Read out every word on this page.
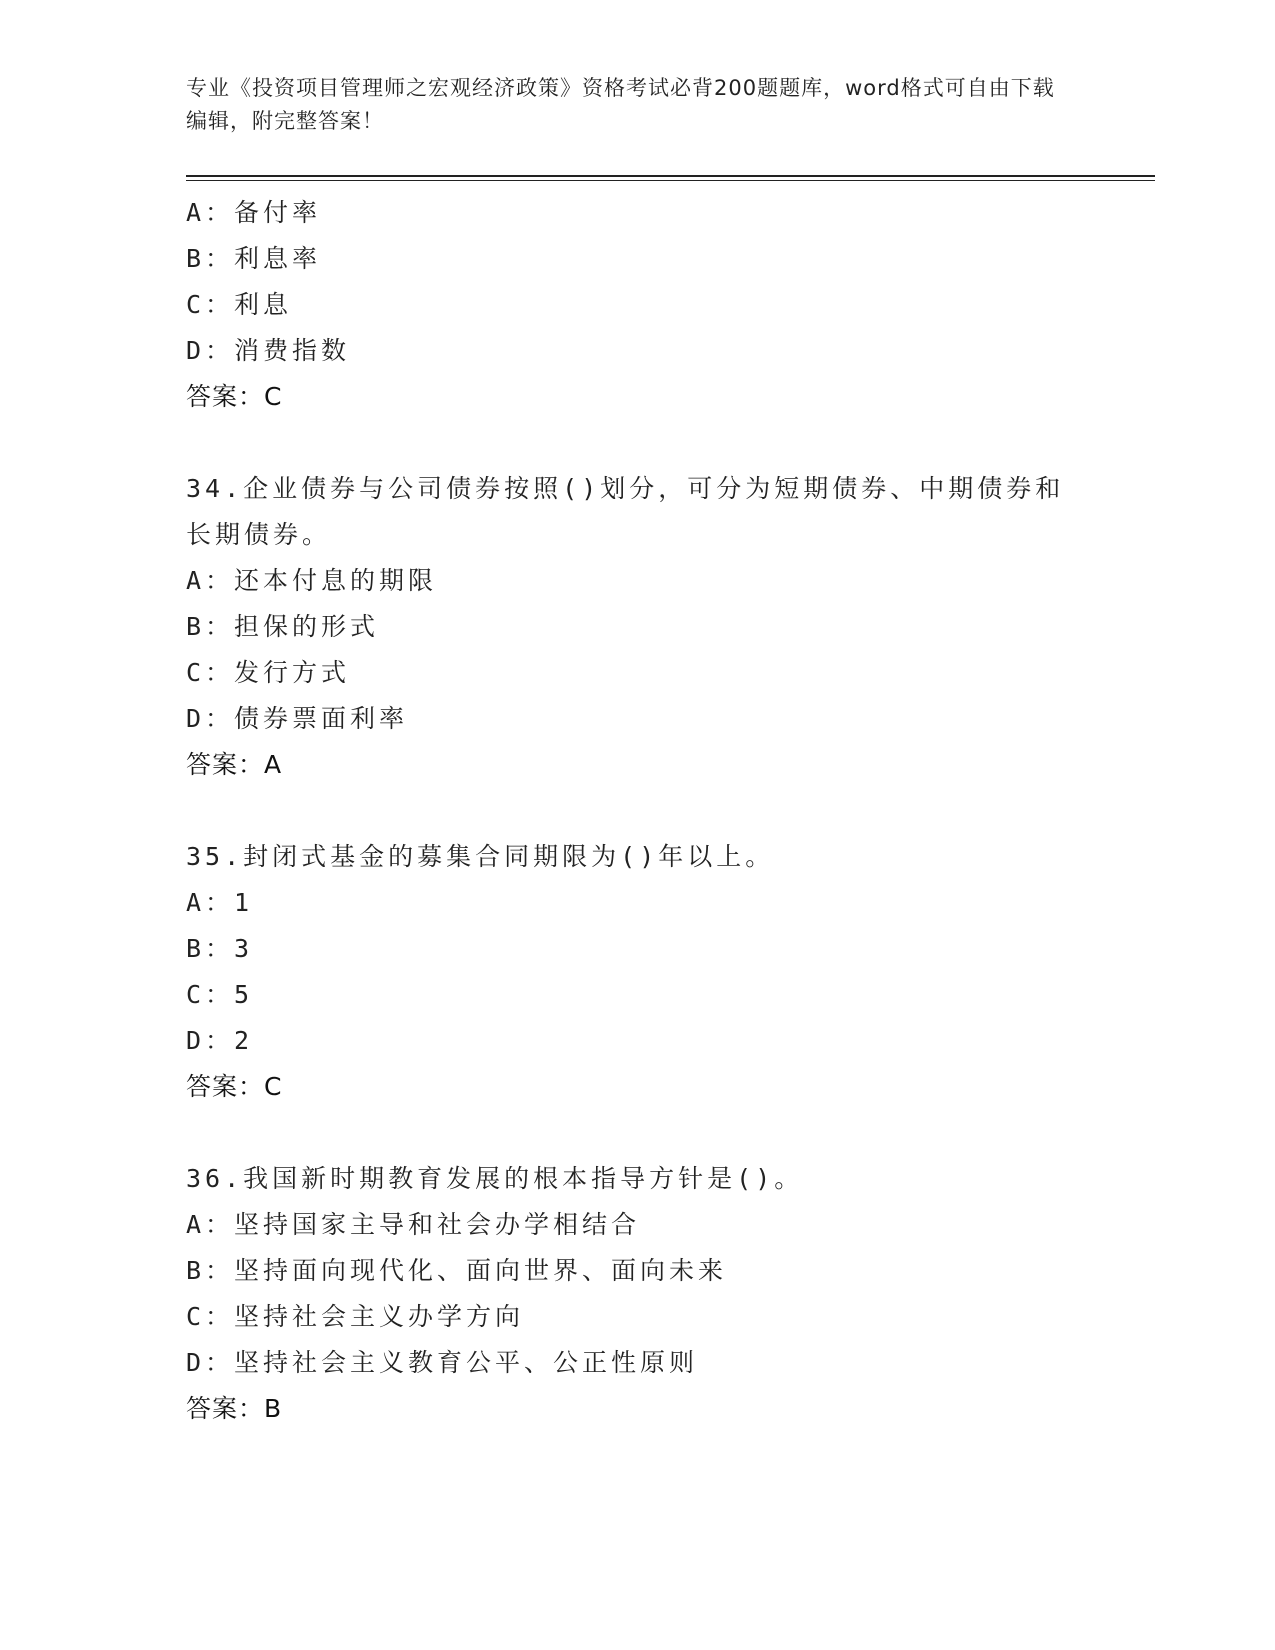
专业《投资项目管理师之宏观经济政策》资格考试必背200题题库，word格式可自由下载编辑，附完整答案！
A：备付率
B：利息率
C：利息
D：消费指数
答案：C
34.企业债券与公司债券按照()划分，可分为短期债券、中期债券和长期债券。
A：还本付息的期限
B：担保的形式
C：发行方式
D：债券票面利率
答案：A
35.封闭式基金的募集合同期限为()年以上。
A：1
B：3
C：5
D：2
答案：C
36.我国新时期教育发展的根本指导方针是()。
A：坚持国家主导和社会办学相结合
B：坚持面向现代化、面向世界、面向未来
C：坚持社会主义办学方向
D：坚持社会主义教育公平、公正性原则
答案：B
